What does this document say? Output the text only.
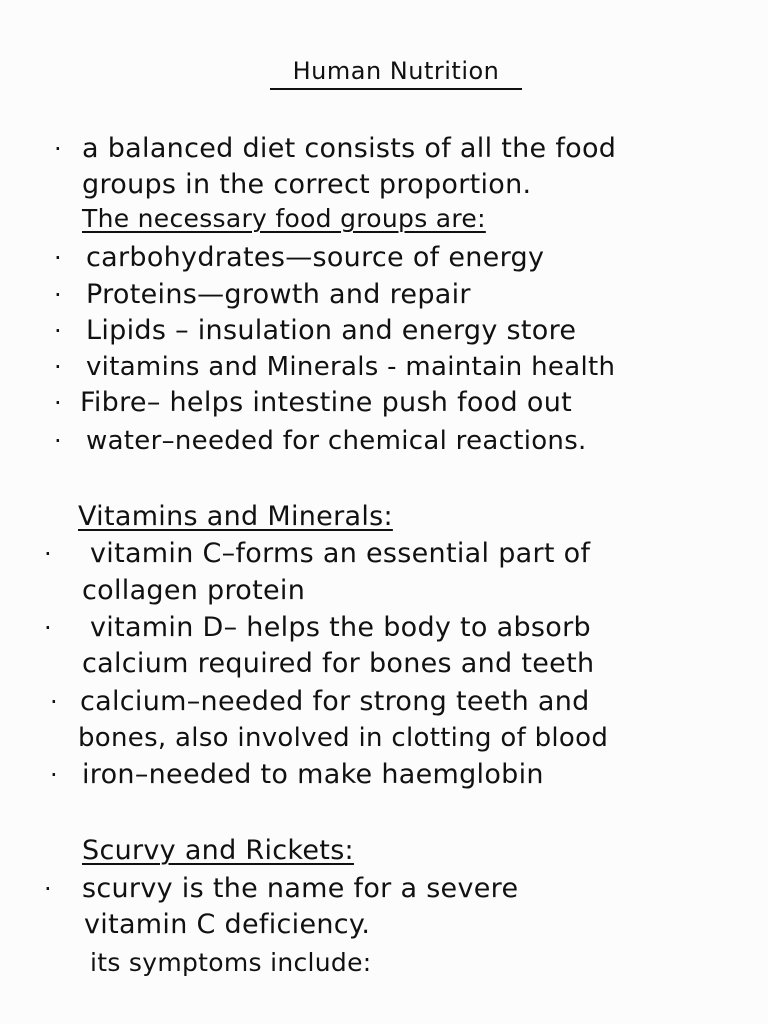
Human Nutrition
· a balanced diet consists of all the food
groups in the correct proportion.
The necessary food groups are:
· carbohydrates—source of energy
· Proteins—growth and repair
· Lipids – insulation and energy store
· vitamins and Minerals - maintain health
· Fibre– helps intestine push food out
· water–needed for chemical reactions.
Vitamins and Minerals:
· vitamin C–forms an essential part of
collagen protein
· vitamin D– helps the body to absorb
calcium required for bones and teeth
· calcium–needed for strong teeth and
bones, also involved in clotting of blood
· iron–needed to make haemglobin
Scurvy and Rickets:
· scurvy is the name for a severe
vitamin C deficiency.
its symptoms include:
